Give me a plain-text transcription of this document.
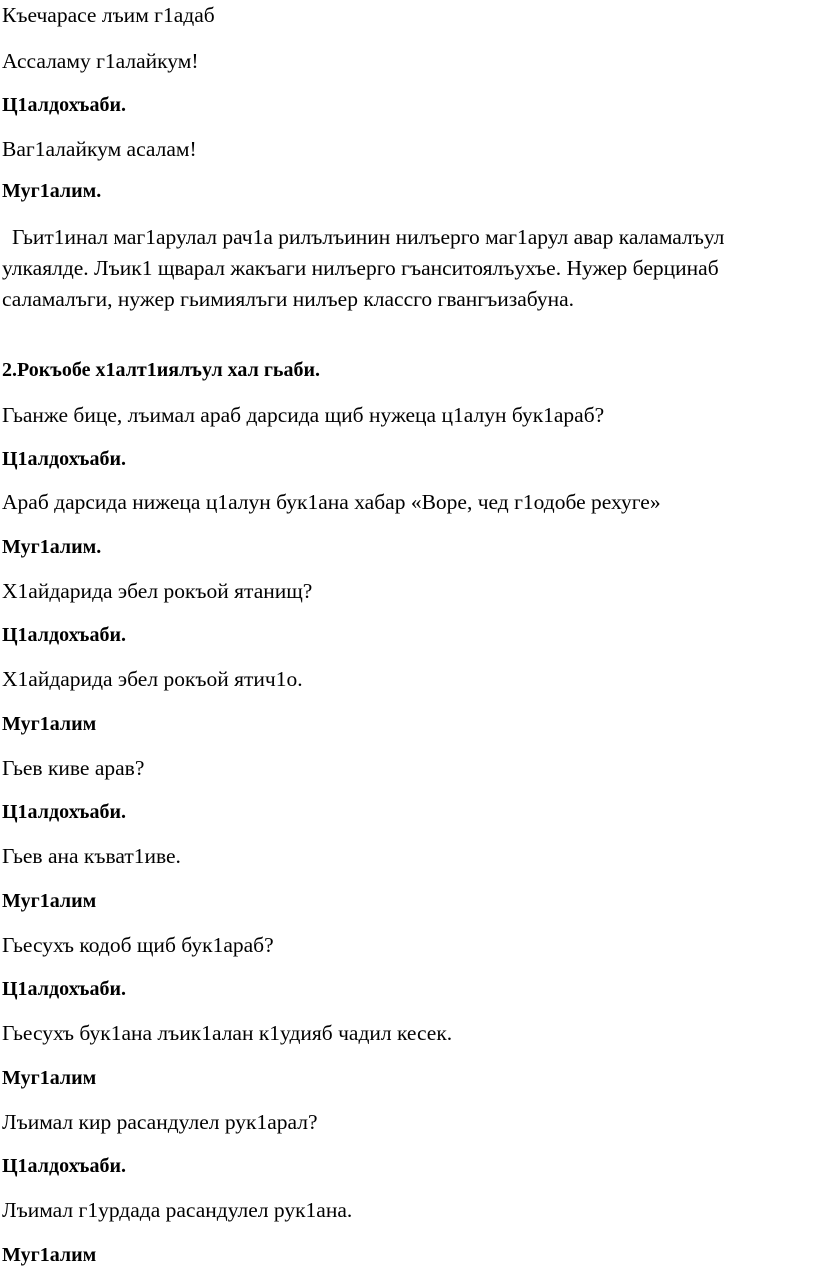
Къечарасе лъим г1адаб
Ассаламу г1алайкум!
Ц1алдохъаби.
Ваг1алайкум асалам!
Муг1алим.
Гьит1инал маг1арулал рач1а рилълъинин нилъерго маг1арул авар каламалъул улкаялде. Лъик1 щварал жакъаги нилъерго гъанситоялъухъе. Нужер берцинаб саламалъги, нужер гьимиялъги нилъер классго гвангъизабуна.
2.Рокъобе х1алт1иялъул хал гьаби.
Гьанже бице, лъимал араб дарсида щиб нужеца ц1алун бук1араб?
Ц1алдохъаби.
Араб дарсида нижеца ц1алун бук1ана хабар «Воре, чед г1одобе рехуге»
Муг1алим.
Х1айдарида эбел рокъой ятанищ?
Ц1алдохъаби.
Х1айдарида эбел рокъой ятич1о.
Муг1алим
Гьев киве арав?
Ц1алдохъаби.
Гьев ана къват1иве.
Муг1алим
Гьесухъ кодоб щиб бук1араб?
Ц1алдохъаби.
Гьесухъ бук1ана лъик1алан к1удияб чадил кесек.
Муг1алим
Лъимал кир расандулел рук1арал?
Ц1алдохъаби.
Лъимал г1урдада расандулел рук1ана.
Муг1алим
